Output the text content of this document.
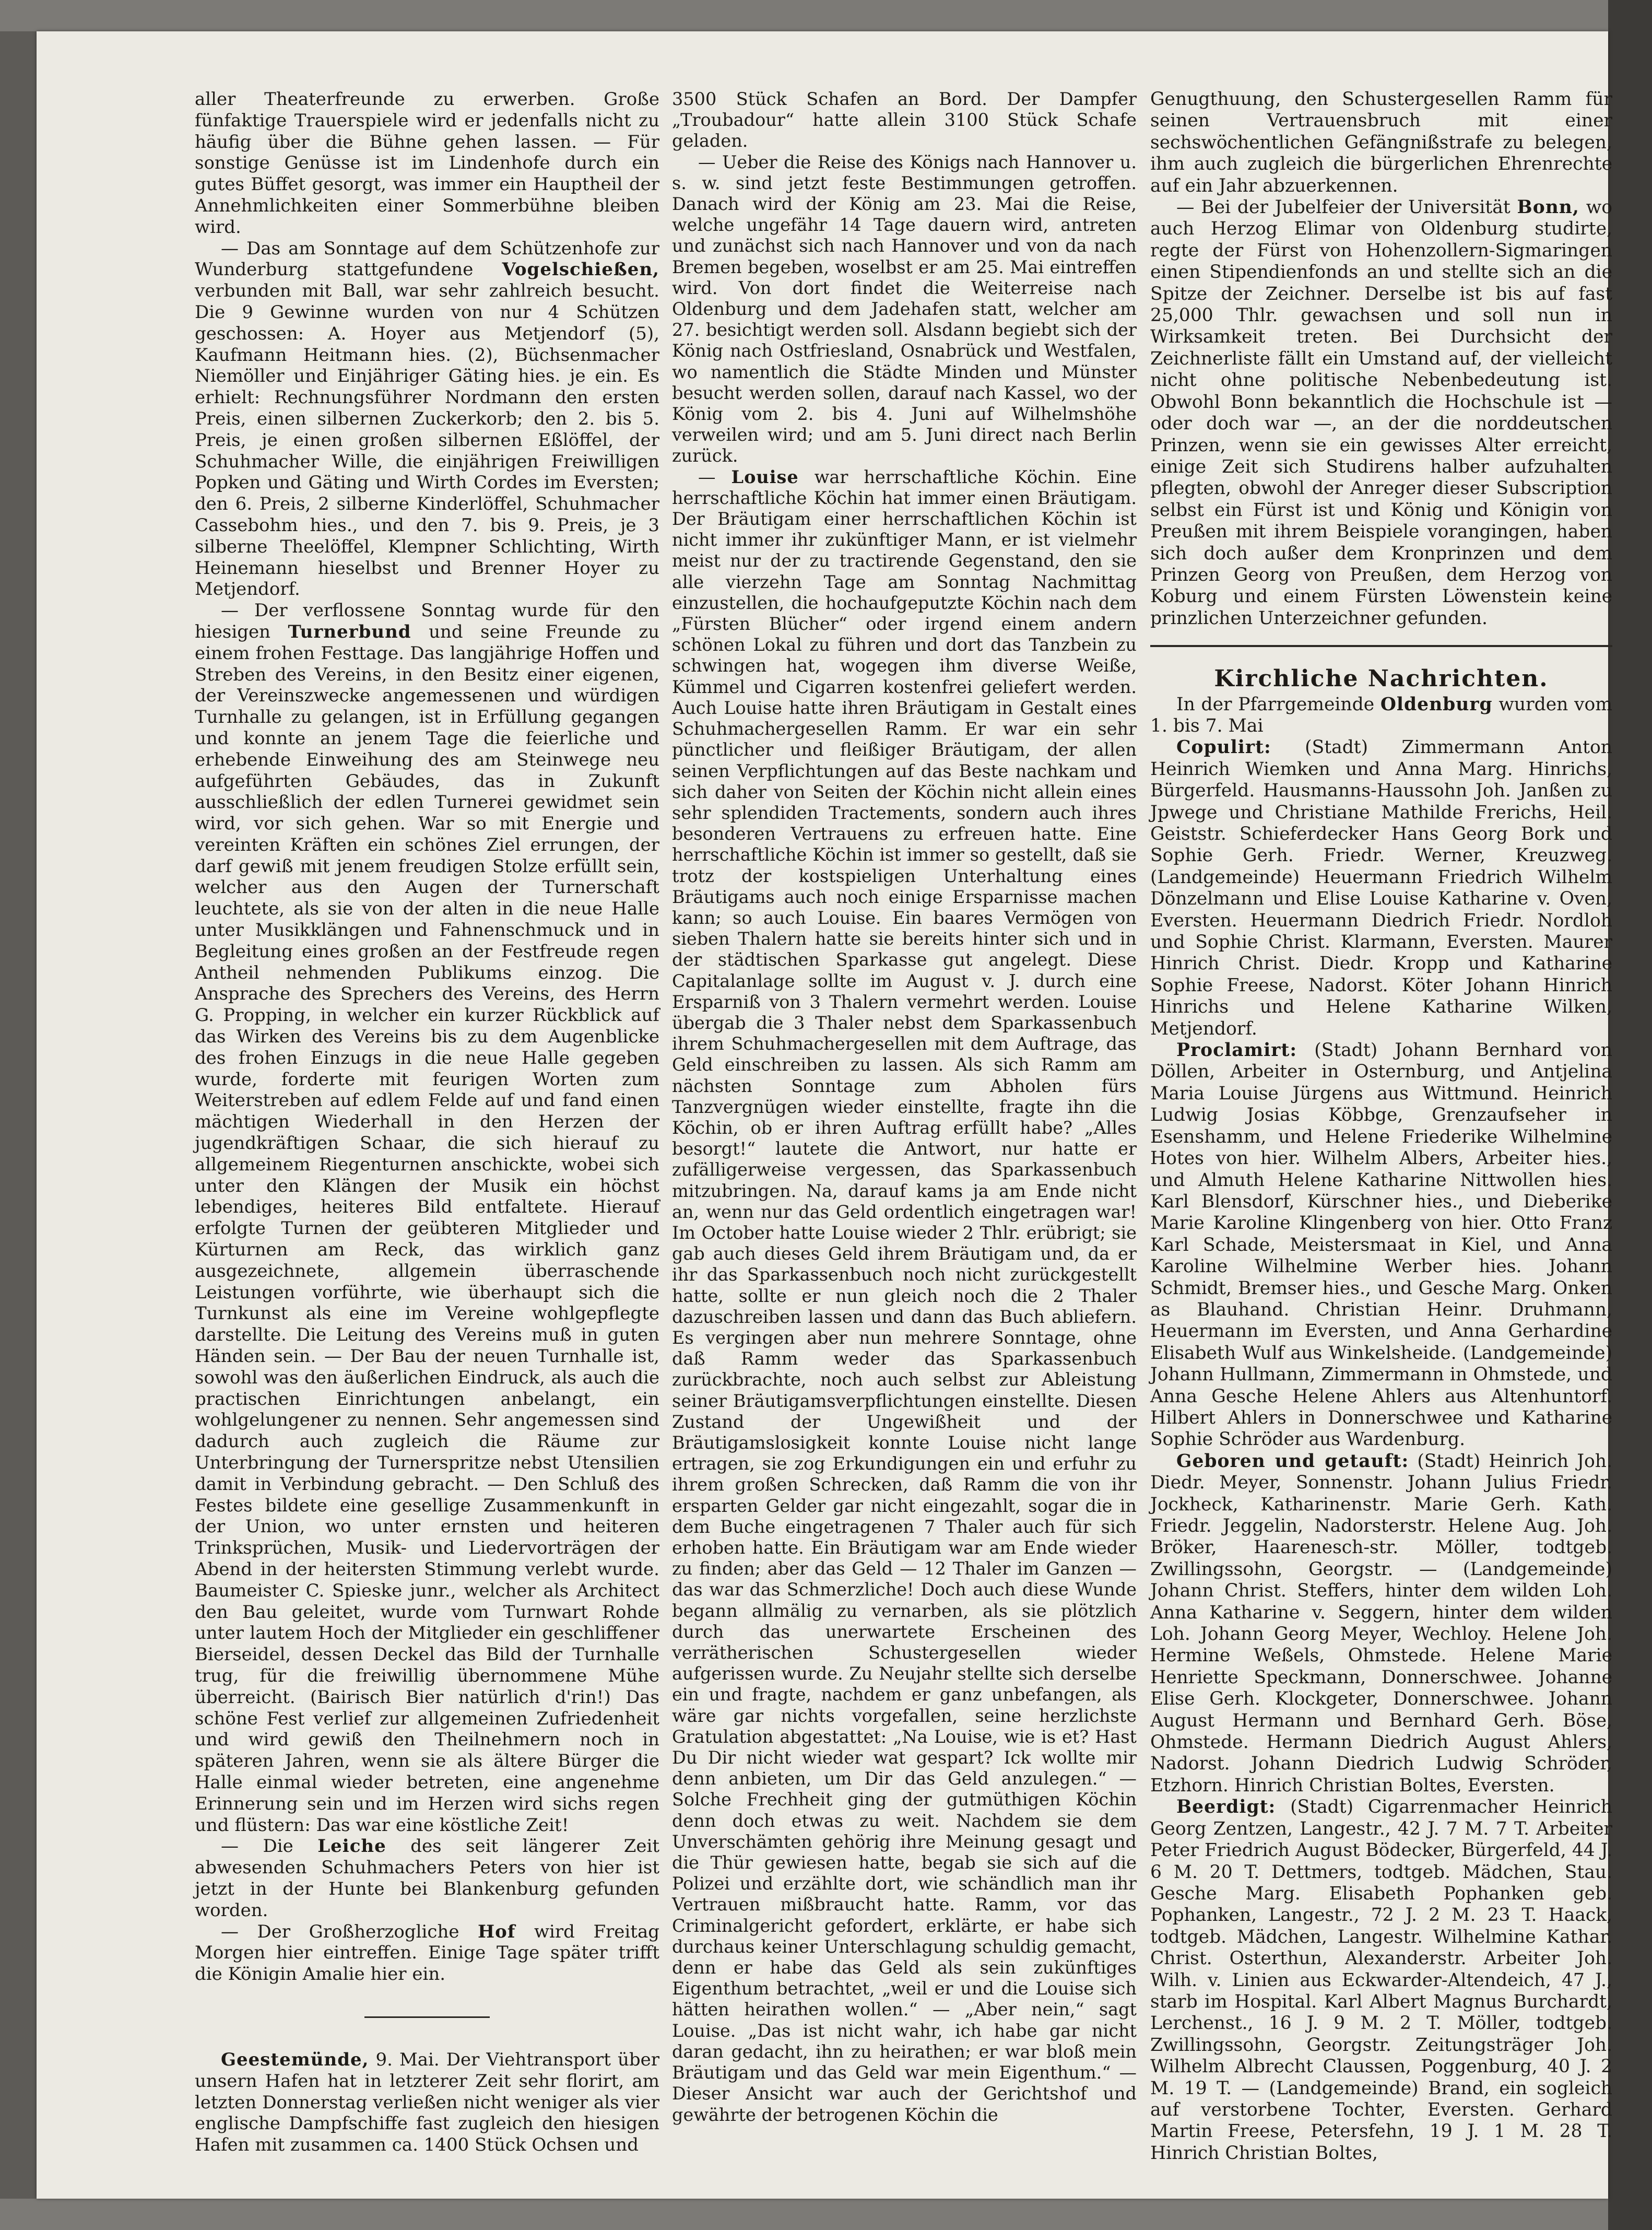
aller Theaterfreunde zu erwerben. Große fünfaktige Trauerspiele wird er jedenfalls nicht zu häufig über die Bühne gehen lassen. — Für sonstige Genüsse ist im Lindenhofe durch ein gutes Büffet gesorgt, was immer ein Hauptheil der Annehmlichkeiten einer Sommerbühne bleiben wird.

— Das am Sonntage auf dem Schützenhofe zur Wunderburg stattgefundene Vogelschießen, verbunden mit Ball, war sehr zahlreich besucht. Die 9 Gewinne wurden von nur 4 Schützen geschossen: A. Hoyer aus Metjendorf (5), Kaufmann Heitmann hies. (2), Büchsenmacher Niemöller und Einjähriger Gäting hies. je ein. Es erhielt: Rechnungsführer Nordmann den ersten Preis, einen silbernen Zuckerkorb; den 2. bis 5. Preis, je einen großen silbernen Eßlöffel, der Schuhmacher Wille, die einjährigen Freiwilligen Popken und Gäting und Wirth Cordes im Eversten; den 6. Preis, 2 silberne Kinderlöffel, Schuhmacher Cassebohm hies., und den 7. bis 9. Preis, je 3 silberne Theelöffel, Klempner Schlichting, Wirth Heinemann hieselbst und Brenner Hoyer zu Metjendorf.

— Der verflossene Sonntag wurde für den hiesigen Turnerbund und seine Freunde zu einem frohen Festtage. Das langjährige Hoffen und Streben des Vereins, in den Besitz einer eigenen, der Vereinszwecke angemessenen und würdigen Turnhalle zu gelangen, ist in Erfüllung gegangen und konnte an jenem Tage die feierliche und erhebende Einweihung des am Steinwege neu aufgeführten Gebäudes, das in Zukunft ausschließlich der edlen Turnerei gewidmet sein wird, vor sich gehen. War so mit Energie und vereinten Kräften ein schönes Ziel errungen, der darf gewiß mit jenem freudigen Stolze erfüllt sein, welcher aus den Augen der Turnerschaft leuchtete, als sie von der alten in die neue Halle unter Musikklängen und Fahnenschmuck und in Begleitung eines großen an der Festfreude regen Antheil nehmenden Publikums einzog. Die Ansprache des Sprechers des Vereins, des Herrn G. Propping, in welcher ein kurzer Rückblick auf das Wirken des Vereins bis zu dem Augenblicke des frohen Einzugs in die neue Halle gegeben wurde, forderte mit feurigen Worten zum Weiterstreben auf edlem Felde auf und fand einen mächtigen Wiederhall in den Herzen der jugendkräftigen Schaar, die sich hierauf zu allgemeinem Riegenturnen anschickte, wobei sich unter den Klängen der Musik ein höchst lebendiges, heiteres Bild entfaltete. Hierauf erfolgte Turnen der geübteren Mitglieder und Kürturnen am Reck, das wirklich ganz ausgezeichnete, allgemein überraschende Leistungen vorführte, wie überhaupt sich die Turnkunst als eine im Vereine wohlgepflegte darstellte. Die Leitung des Vereins muß in guten Händen sein. — Der Bau der neuen Turnhalle ist, sowohl was den äußerlichen Eindruck, als auch die practischen Einrichtungen anbelangt, ein wohlgelungener zu nennen. Sehr angemessen sind dadurch auch zugleich die Räume zur Unterbringung der Turnerspritze nebst Utensilien damit in Verbindung gebracht. — Den Schluß des Festes bildete eine gesellige Zusammenkunft in der Union, wo unter ernsten und heiteren Trinksprüchen, Musik- und Liedervorträgen der Abend in der heitersten Stimmung verlebt wurde. Baumeister C. Spieske junr., welcher als Architect den Bau geleitet, wurde vom Turnwart Rohde unter lautem Hoch der Mitglieder ein geschliffener Bierseidel, dessen Deckel das Bild der Turnhalle trug, für die freiwillig übernommene Mühe überreicht. (Bairisch Bier natürlich d'rin!) Das schöne Fest verlief zur allgemeinen Zufriedenheit und wird gewiß den Theilnehmern noch in späteren Jahren, wenn sie als ältere Bürger die Halle einmal wieder betreten, eine angenehme Erinnerung sein und im Herzen wird sichs regen und flüstern: Das war eine köstliche Zeit!

— Die Leiche des seit längerer Zeit abwesenden Schuhmachers Peters von hier ist jetzt in der Hunte bei Blankenburg gefunden worden.

— Der Großherzogliche Hof wird Freitag Morgen hier eintreffen. Einige Tage später trifft die Königin Amalie hier ein.

Geestemünde, 9. Mai. Der Viehtransport über unsern Hafen hat in letzterer Zeit sehr florirt, am letzten Donnerstag verließen nicht weniger als vier englische Dampfschiffe fast zugleich den hiesigen Hafen mit zusammen ca. 1400 Stück Ochsen und

3500 Stück Schafen an Bord. Der Dampfer „Troubadour“ hatte allein 3100 Stück Schafe geladen.

— Ueber die Reise des Königs nach Hannover u. s. w. sind jetzt feste Bestimmungen getroffen. Danach wird der König am 23. Mai die Reise, welche ungefähr 14 Tage dauern wird, antreten und zunächst sich nach Hannover und von da nach Bremen begeben, woselbst er am 25. Mai eintreffen wird. Von dort findet die Weiterreise nach Oldenburg und dem Jadehafen statt, welcher am 27. besichtigt werden soll. Alsdann begiebt sich der König nach Ostfriesland, Osnabrück und Westfalen, wo namentlich die Städte Minden und Münster besucht werden sollen, darauf nach Kassel, wo der König vom 2. bis 4. Juni auf Wilhelmshöhe verweilen wird; und am 5. Juni direct nach Berlin zurück.

— Louise war herrschaftliche Köchin. Eine herrschaftliche Köchin hat immer einen Bräutigam. Der Bräutigam einer herrschaftlichen Köchin ist nicht immer ihr zukünftiger Mann, er ist vielmehr meist nur der zu tractirende Gegenstand, den sie alle vierzehn Tage am Sonntag Nachmittag einzustellen, die hochaufgeputzte Köchin nach dem „Fürsten Blücher“ oder irgend einem andern schönen Lokal zu führen und dort das Tanzbein zu schwingen hat, wogegen ihm diverse Weiße, Kümmel und Cigarren kostenfrei geliefert werden. Auch Louise hatte ihren Bräutigam in Gestalt eines Schuhmachergesellen Ramm. Er war ein sehr pünctlicher und fleißiger Bräutigam, der allen seinen Verpflichtungen auf das Beste nachkam und sich daher von Seiten der Köchin nicht allein eines sehr splendiden Tractements, sondern auch ihres besonderen Vertrauens zu erfreuen hatte. Eine herrschaftliche Köchin ist immer so gestellt, daß sie trotz der kostspieligen Unterhaltung eines Bräutigams auch noch einige Ersparnisse machen kann; so auch Louise. Ein baares Vermögen von sieben Thalern hatte sie bereits hinter sich und in der städtischen Sparkasse gut angelegt. Diese Capitalanlage sollte im August v. J. durch eine Ersparniß von 3 Thalern vermehrt werden. Louise übergab die 3 Thaler nebst dem Sparkassenbuch ihrem Schuhmachergesellen mit dem Auftrage, das Geld einschreiben zu lassen. Als sich Ramm am nächsten Sonntage zum Abholen fürs Tanzvergnügen wieder einstellte, fragte ihn die Köchin, ob er ihren Auftrag erfüllt habe? „Alles besorgt!“ lautete die Antwort, nur hatte er zufälligerweise vergessen, das Sparkassenbuch mitzubringen. Na, darauf kams ja am Ende nicht an, wenn nur das Geld ordentlich eingetragen war! Im October hatte Louise wieder 2 Thlr. erübrigt; sie gab auch dieses Geld ihrem Bräutigam und, da er ihr das Sparkassenbuch noch nicht zurückgestellt hatte, sollte er nun gleich noch die 2 Thaler dazuschreiben lassen und dann das Buch abliefern. Es vergingen aber nun mehrere Sonntage, ohne daß Ramm weder das Sparkassenbuch zurückbrachte, noch auch selbst zur Ableistung seiner Bräutigamsverpflichtungen einstellte. Diesen Zustand der Ungewißheit und der Bräutigamslosigkeit konnte Louise nicht lange ertragen, sie zog Erkundigungen ein und erfuhr zu ihrem großen Schrecken, daß Ramm die von ihr ersparten Gelder gar nicht eingezahlt, sogar die in dem Buche eingetragenen 7 Thaler auch für sich erhoben hatte. Ein Bräutigam war am Ende wieder zu finden; aber das Geld — 12 Thaler im Ganzen — das war das Schmerzliche! Doch auch diese Wunde begann allmälig zu vernarben, als sie plötzlich durch das unerwartete Erscheinen des verrätherischen Schustergesellen wieder aufgerissen wurde. Zu Neujahr stellte sich derselbe ein und fragte, nachdem er ganz unbefangen, als wäre gar nichts vorgefallen, seine herzlichste Gratulation abgestattet: „Na Louise, wie is et? Hast Du Dir nicht wieder wat gespart? Ick wollte mir denn anbieten, um Dir das Geld anzulegen.“ — Solche Frechheit ging der gutmüthigen Köchin denn doch etwas zu weit. Nachdem sie dem Unverschämten gehörig ihre Meinung gesagt und die Thür gewiesen hatte, begab sie sich auf die Polizei und erzählte dort, wie schändlich man ihr Vertrauen mißbraucht hatte. Ramm, vor das Criminalgericht gefordert, erklärte, er habe sich durchaus keiner Unterschlagung schuldig gemacht, denn er habe das Geld als sein zukünftiges Eigenthum betrachtet, „weil er und die Louise sich hätten heirathen wollen.“ — „Aber nein,“ sagt Louise. „Das ist nicht wahr, ich habe gar nicht daran gedacht, ihn zu heirathen; er war bloß mein Bräutigam und das Geld war mein Eigenthum.“ — Dieser Ansicht war auch der Gerichtshof und gewährte der betrogenen Köchin die

Genugthuung, den Schustergesellen Ramm für seinen Vertrauensbruch mit einer sechswöchentlichen Gefängnißstrafe zu belegen, ihm auch zugleich die bürgerlichen Ehrenrechte auf ein Jahr abzuerkennen.

— Bei der Jubelfeier der Universität Bonn, wo auch Herzog Elimar von Oldenburg studirte, regte der Fürst von Hohenzollern-Sigmaringen einen Stipendienfonds an und stellte sich an die Spitze der Zeichner. Derselbe ist bis auf fast 25,000 Thlr. gewachsen und soll nun in Wirksamkeit treten. Bei Durchsicht der Zeichnerliste fällt ein Umstand auf, der vielleicht nicht ohne politische Nebenbedeutung ist. Obwohl Bonn bekanntlich die Hochschule ist — oder doch war —, an der die norddeutschen Prinzen, wenn sie ein gewisses Alter erreicht, einige Zeit sich Studirens halber aufzuhalten pflegten, obwohl der Anreger dieser Subscription selbst ein Fürst ist und König und Königin von Preußen mit ihrem Beispiele vorangingen, haben sich doch außer dem Kronprinzen und dem Prinzen Georg von Preußen, dem Herzog von Koburg und einem Fürsten Löwenstein keine prinzlichen Unterzeichner gefunden.

Kirchliche Nachrichten.

In der Pfarrgemeinde Oldenburg wurden vom 1. bis 7. Mai

Copulirt: (Stadt) Zimmermann Anton Heinrich Wiemken und Anna Marg. Hinrichs, Bürgerfeld. Hausmanns-Haussohn Joh. Janßen zu Jpwege und Christiane Mathilde Frerichs, Heil. Geiststr. Schieferdecker Hans Georg Bork und Sophie Gerh. Friedr. Werner, Kreuzweg. (Landgemeinde) Heuermann Friedrich Wilhelm Dönzelmann und Elise Louise Katharine v. Oven, Eversten. Heuermann Diedrich Friedr. Nordloh und Sophie Christ. Klarmann, Eversten. Maurer Hinrich Christ. Diedr. Kropp und Katharine Sophie Freese, Nadorst. Köter Johann Hinrich Hinrichs und Helene Katharine Wilken, Metjendorf.

Proclamirt: (Stadt) Johann Bernhard von Döllen, Arbeiter in Osternburg, und Antjelina Maria Louise Jürgens aus Wittmund. Heinrich Ludwig Josias Köbbge, Grenzaufseher in Esenshamm, und Helene Friederike Wilhelmine Hotes von hier. Wilhelm Albers, Arbeiter hies., und Almuth Helene Katharine Nittwollen hies. Karl Blensdorf, Kürschner hies., und Dieberike Marie Karoline Klingenberg von hier. Otto Franz Karl Schade, Meistersmaat in Kiel, und Anna Karoline Wilhelmine Werber hies. Johann Schmidt, Bremser hies., und Gesche Marg. Onken as Blauhand. Christian Heinr. Druhmann, Heuermann im Eversten, und Anna Gerhardine Elisabeth Wulf aus Winkelsheide. (Landgemeinde) Johann Hullmann, Zimmermann in Ohmstede, und Anna Gesche Helene Ahlers aus Altenhuntorf. Hilbert Ahlers in Donnerschwee und Katharine Sophie Schröder aus Wardenburg.

Geboren und getauft: (Stadt) Heinrich Joh. Diedr. Meyer, Sonnenstr. Johann Julius Friedr. Jockheck, Katharinenstr. Marie Gerh. Kath. Friedr. Jeggelin, Nadorsterstr. Helene Aug. Joh. Bröker, Haarenesch-str. Möller, todtgeb. Zwillingssohn, Georgstr. — (Landgemeinde) Johann Christ. Steffers, hinter dem wilden Loh. Anna Katharine v. Seggern, hinter dem wilden Loh. Johann Georg Meyer, Wechloy. Helene Joh. Hermine Weßels, Ohmstede. Helene Marie Henriette Speckmann, Donnerschwee. Johanne Elise Gerh. Klockgeter, Donnerschwee. Johann August Hermann und Bernhard Gerh. Böse, Ohmstede. Hermann Diedrich August Ahlers, Nadorst. Johann Diedrich Ludwig Schröder, Etzhorn. Hinrich Christian Boltes, Eversten.

Beerdigt: (Stadt) Cigarrenmacher Heinrich Georg Zentzen, Langestr., 42 J. 7 M. 7 T. Arbeiter Peter Friedrich August Bödecker, Bürgerfeld, 44 J. 6 M. 20 T. Dettmers, todtgeb. Mädchen, Stau. Gesche Marg. Elisabeth Pophanken geb. Pophanken, Langestr., 72 J. 2 M. 23 T. Haack, todtgeb. Mädchen, Langestr. Wilhelmine Kathar. Christ. Osterthun, Alexanderstr. Arbeiter Joh. Wilh. v. Linien aus Eckwarder-Altendeich, 47 J., starb im Hospital. Karl Albert Magnus Burchardt, Lerchenst., 16 J. 9 M. 2 T. Möller, todtgeb. Zwillingssohn, Georgstr. Zeitungsträger Joh. Wilhelm Albrecht Claussen, Poggenburg, 40 J. 2 M. 19 T. — (Landgemeinde) Brand, ein sogleich auf verstorbene Tochter, Eversten. Gerhard Martin Freese, Petersfehn, 19 J. 1 M. 28 T. Hinrich Christian Boltes,
